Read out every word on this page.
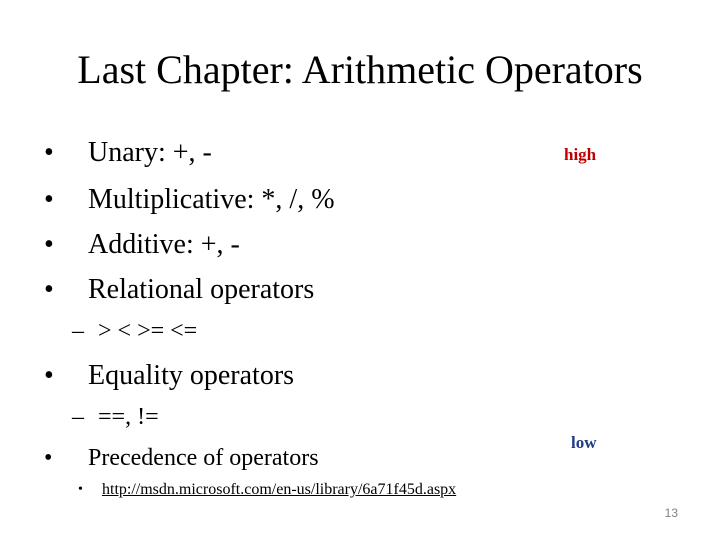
Last Chapter: Arithmetic Operators
• Unary: +, -
• Multiplicative: *, /, %
• Additive: +, -
• Relational operators
– > < >= <=
• Equality operators
– ==, !=
• Precedence of operators
• http://msdn.microsoft.com/en-us/library/6a71f45d.aspx
high
low
13
